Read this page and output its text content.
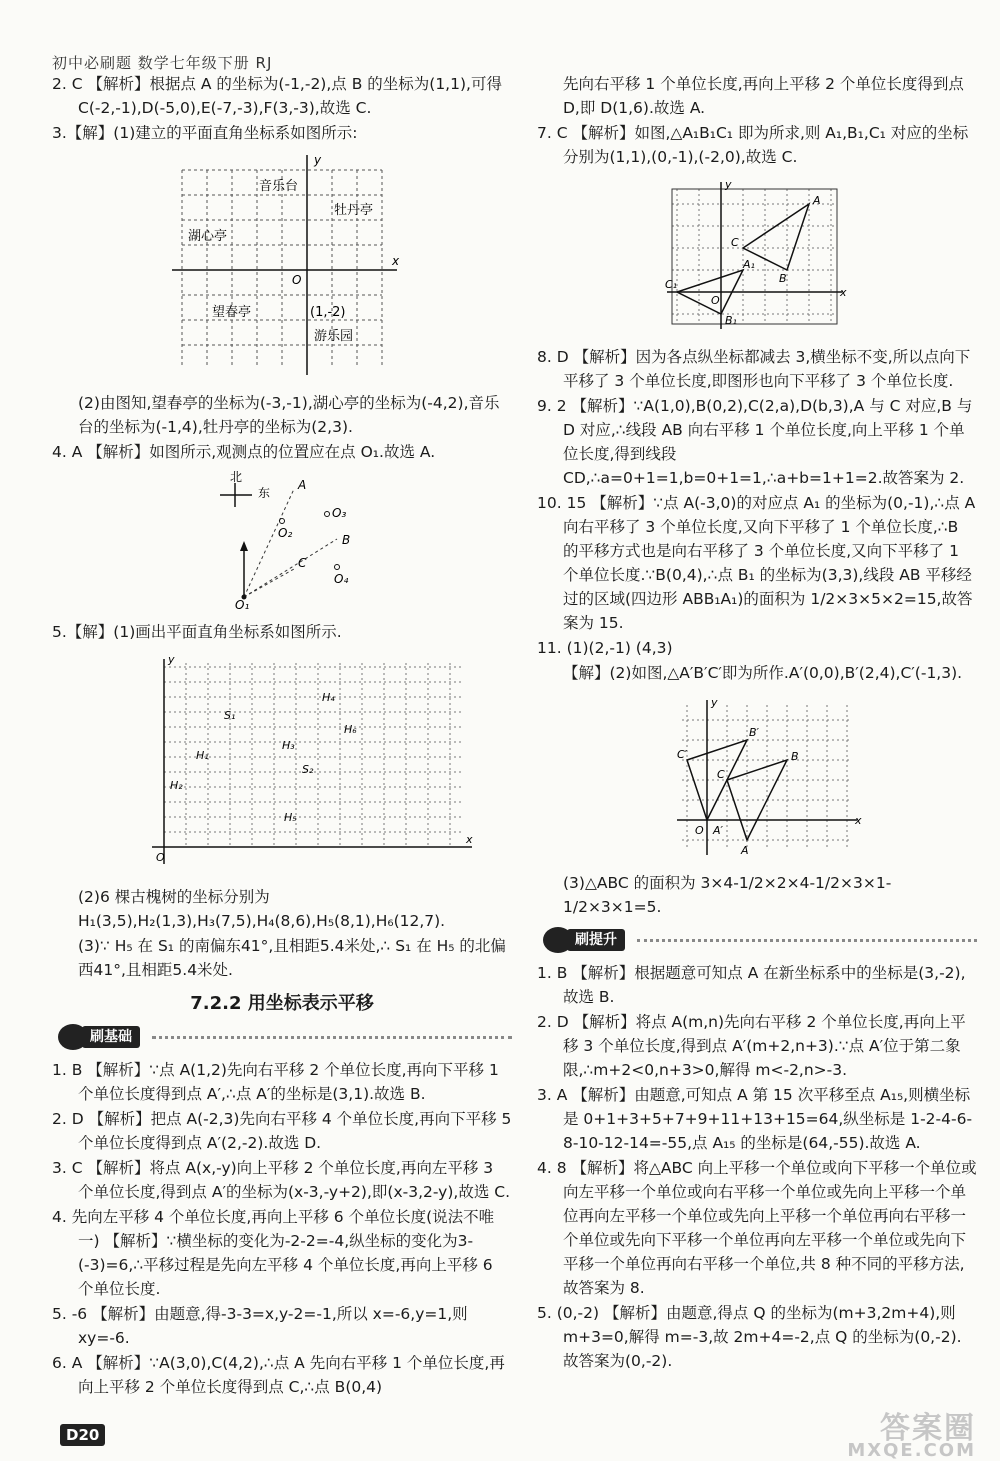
初中必刷题 数学七年级下册 RJ

2. C 【解析】根据点 A 的坐标为(-1,-2),点 B 的坐标为(1,1),可得 C(-2,-1),D(-5,0),E(-7,-3),F(3,-3),故选 C.

3.【解】(1)建立的平面直角坐标系如图所示:

x
y
O
音乐台
牡丹亭
湖心亭
望春亭	(1,-2)
游乐园

(2)由图知,望春亭的坐标为(-3,-1),湖心亭的坐标为(-4,2),音乐台的坐标为(-1,4),牡丹亭的坐标为(2,3).

4. A 【解析】如图所示,观测点的位置应在点 O₁.故选 A.

北
东
A
O₁
O₂
O₃
O₄
B
C

5.【解】(1)画出平面直角坐标系如图所示.

O
x
y
S₁
S₂
H₁
H₂
H₃
H₄
H₅
H₆

(2)6 棵古槐树的坐标分别为 H₁(3,5),H₂(1,3),H₃(7,5),H₄(8,6),H₅(8,1),H₆(12,7).

(3)∵ H₅ 在 S₁ 的南偏东41°,且相距5.4米处,∴ S₁ 在 H₅ 的北偏西41°,且相距5.4米处.

7.2.2 用坐标表示平移
刷基础

1. B 【解析】∵点 A(1,2)先向右平移 2 个单位长度,再向下平移 1 个单位长度得到点 A′,∴点 A′的坐标是(3,1).故选 B.

2. D 【解析】把点 A(-2,3)先向右平移 4 个单位长度,再向下平移 5 个单位长度得到点 A′(2,-2).故选 D.

3. C 【解析】将点 A(x,-y)向上平移 2 个单位长度,再向左平移 3 个单位长度,得到点 A′的坐标为(x-3,-y+2),即(x-3,2-y),故选 C.

4. 先向左平移 4 个单位长度,再向上平移 6 个单位长度(说法不唯一) 【解析】∵横坐标的变化为-2-2=-4,纵坐标的变化为3-(-3)=6,∴平移过程是先向左平移 4 个单位长度,再向上平移 6 个单位长度.

5. -6 【解析】由题意,得-3-3=x,y-2=-1,所以 x=-6,y=1,则 xy=-6.

6. A 【解析】∵A(3,0),C(4,2),∴点 A 先向右平移 1 个单位长度,再向上平移 2 个单位长度得到点 C,∴点 B(0,4)

先向右平移 1 个单位长度,再向上平移 2 个单位长度得到点 D,即 D(1,6).故选 A.

7. C 【解析】如图,△A₁B₁C₁ 即为所求,则 A₁,B₁,C₁ 对应的坐标分别为(1,1),(0,-1),(-2,0),故选 C.

A
B
C
A₁
B₁
C₁
O
x
y

8. D 【解析】因为各点纵坐标都减去 3,横坐标不变,所以点向下平移了 3 个单位长度,即图形也向下平移了 3 个单位长度.

9. 2 【解析】∵A(1,0),B(0,2),C(2,a),D(b,3),A 与 C 对应,B 与 D 对应,∴线段 AB 向右平移 1 个单位长度,向上平移 1 个单位长度,得到线段 CD,∴a=0+1=1,b=0+1=1,∴a+b=1+1=2.故答案为 2.

10. 15 【解析】∵点 A(-3,0)的对应点 A₁ 的坐标为(0,-1),∴点 A 向右平移了 3 个单位长度,又向下平移了 1 个单位长度,∴B 的平移方式也是向右平移了 3 个单位长度,又向下平移了 1 个单位长度.∵B(0,4),∴点 B₁ 的坐标为(3,3),线段 AB 平移经过的区域(四边形 ABB₁A₁)的面积为 1/2×3×5×2=15,故答案为 15.

11. (1)(2,-1) (4,3)

【解】(2)如图,△A′B′C′即为所作.A′(0,0),B′(2,4),C′(-1,3).

B
C
A
A′
B′
C′
O
x
y

(3)△ABC 的面积为 3×4-1/2×2×4-1/2×3×1-1/2×3×1=5.

刷提升

1. B 【解析】根据题意可知点 A 在新坐标系中的坐标是(3,-2),故选 B.

2. D 【解析】将点 A(m,n)先向右平移 2 个单位长度,再向上平移 3 个单位长度,得到点 A′(m+2,n+3).∵点 A′位于第二象限,∴m+2<0,n+3>0,解得 m<-2,n>-3.

3. A 【解析】由题意,可知点 A 第 15 次平移至点 A₁₅,则横坐标是 0+1+3+5+7+9+11+13+15=64,纵坐标是 1-2-4-6-8-10-12-14=-55,点 A₁₅ 的坐标是(64,-55).故选 A.

4. 8 【解析】将△ABC 向上平移一个单位或向下平移一个单位或向左平移一个单位或向右平移一个单位或先向上平移一个单位再向左平移一个单位或先向上平移一个单位再向右平移一个单位或先向下平移一个单位再向左平移一个单位或先向下平移一个单位再向右平移一个单位,共 8 种不同的平移方法,故答案为 8.

5. (0,-2) 【解析】由题意,得点 Q 的坐标为(m+3,2m+4),则 m+3=0,解得 m=-3,故 2m+4=-2,点 Q 的坐标为(0,-2).故答案为(0,-2).

D20	答案圈
MXQE.COM
